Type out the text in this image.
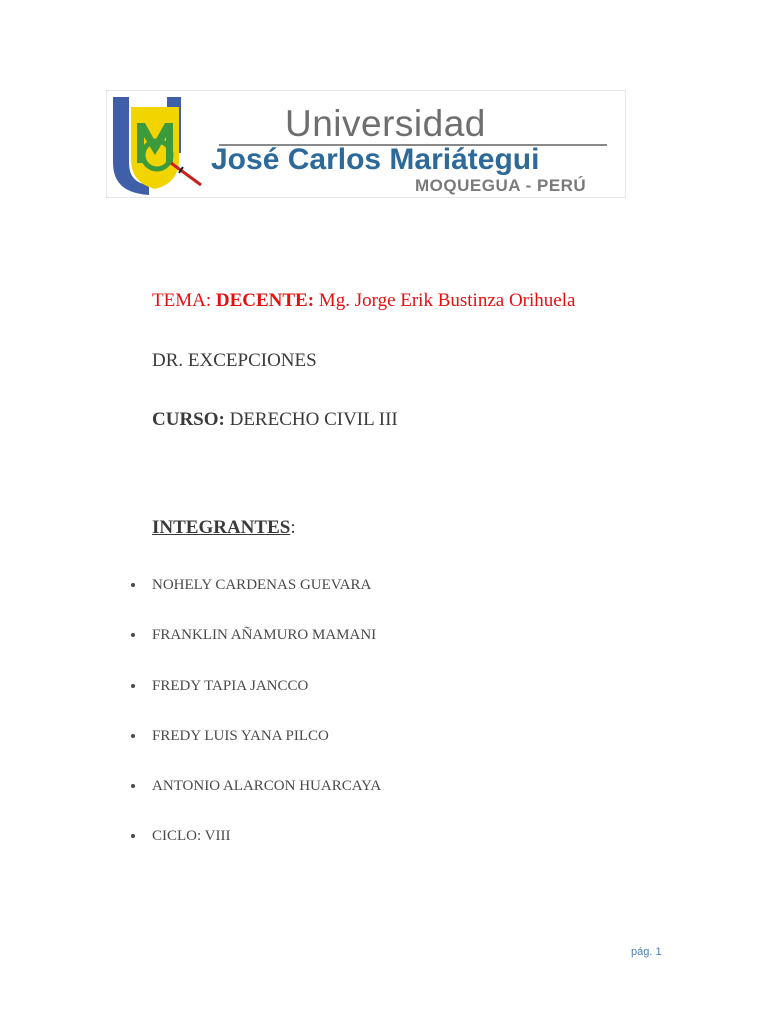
Universidad
José Carlos Mariátegui
MOQUEGUA - PERÚ
TEMA: DECENTE: Mg. Jorge Erik Bustinza Orihuela
DR. EXCEPCIONES
CURSO: DERECHO CIVIL III
INTEGRANTES:
NOHELY CARDENAS GUEVARA
FRANKLIN AÑAMURO MAMANI
FREDY TAPIA JANCCO
FREDY LUIS YANA PILCO
ANTONIO ALARCON HUARCAYA
CICLO: VIII
pág. 1
